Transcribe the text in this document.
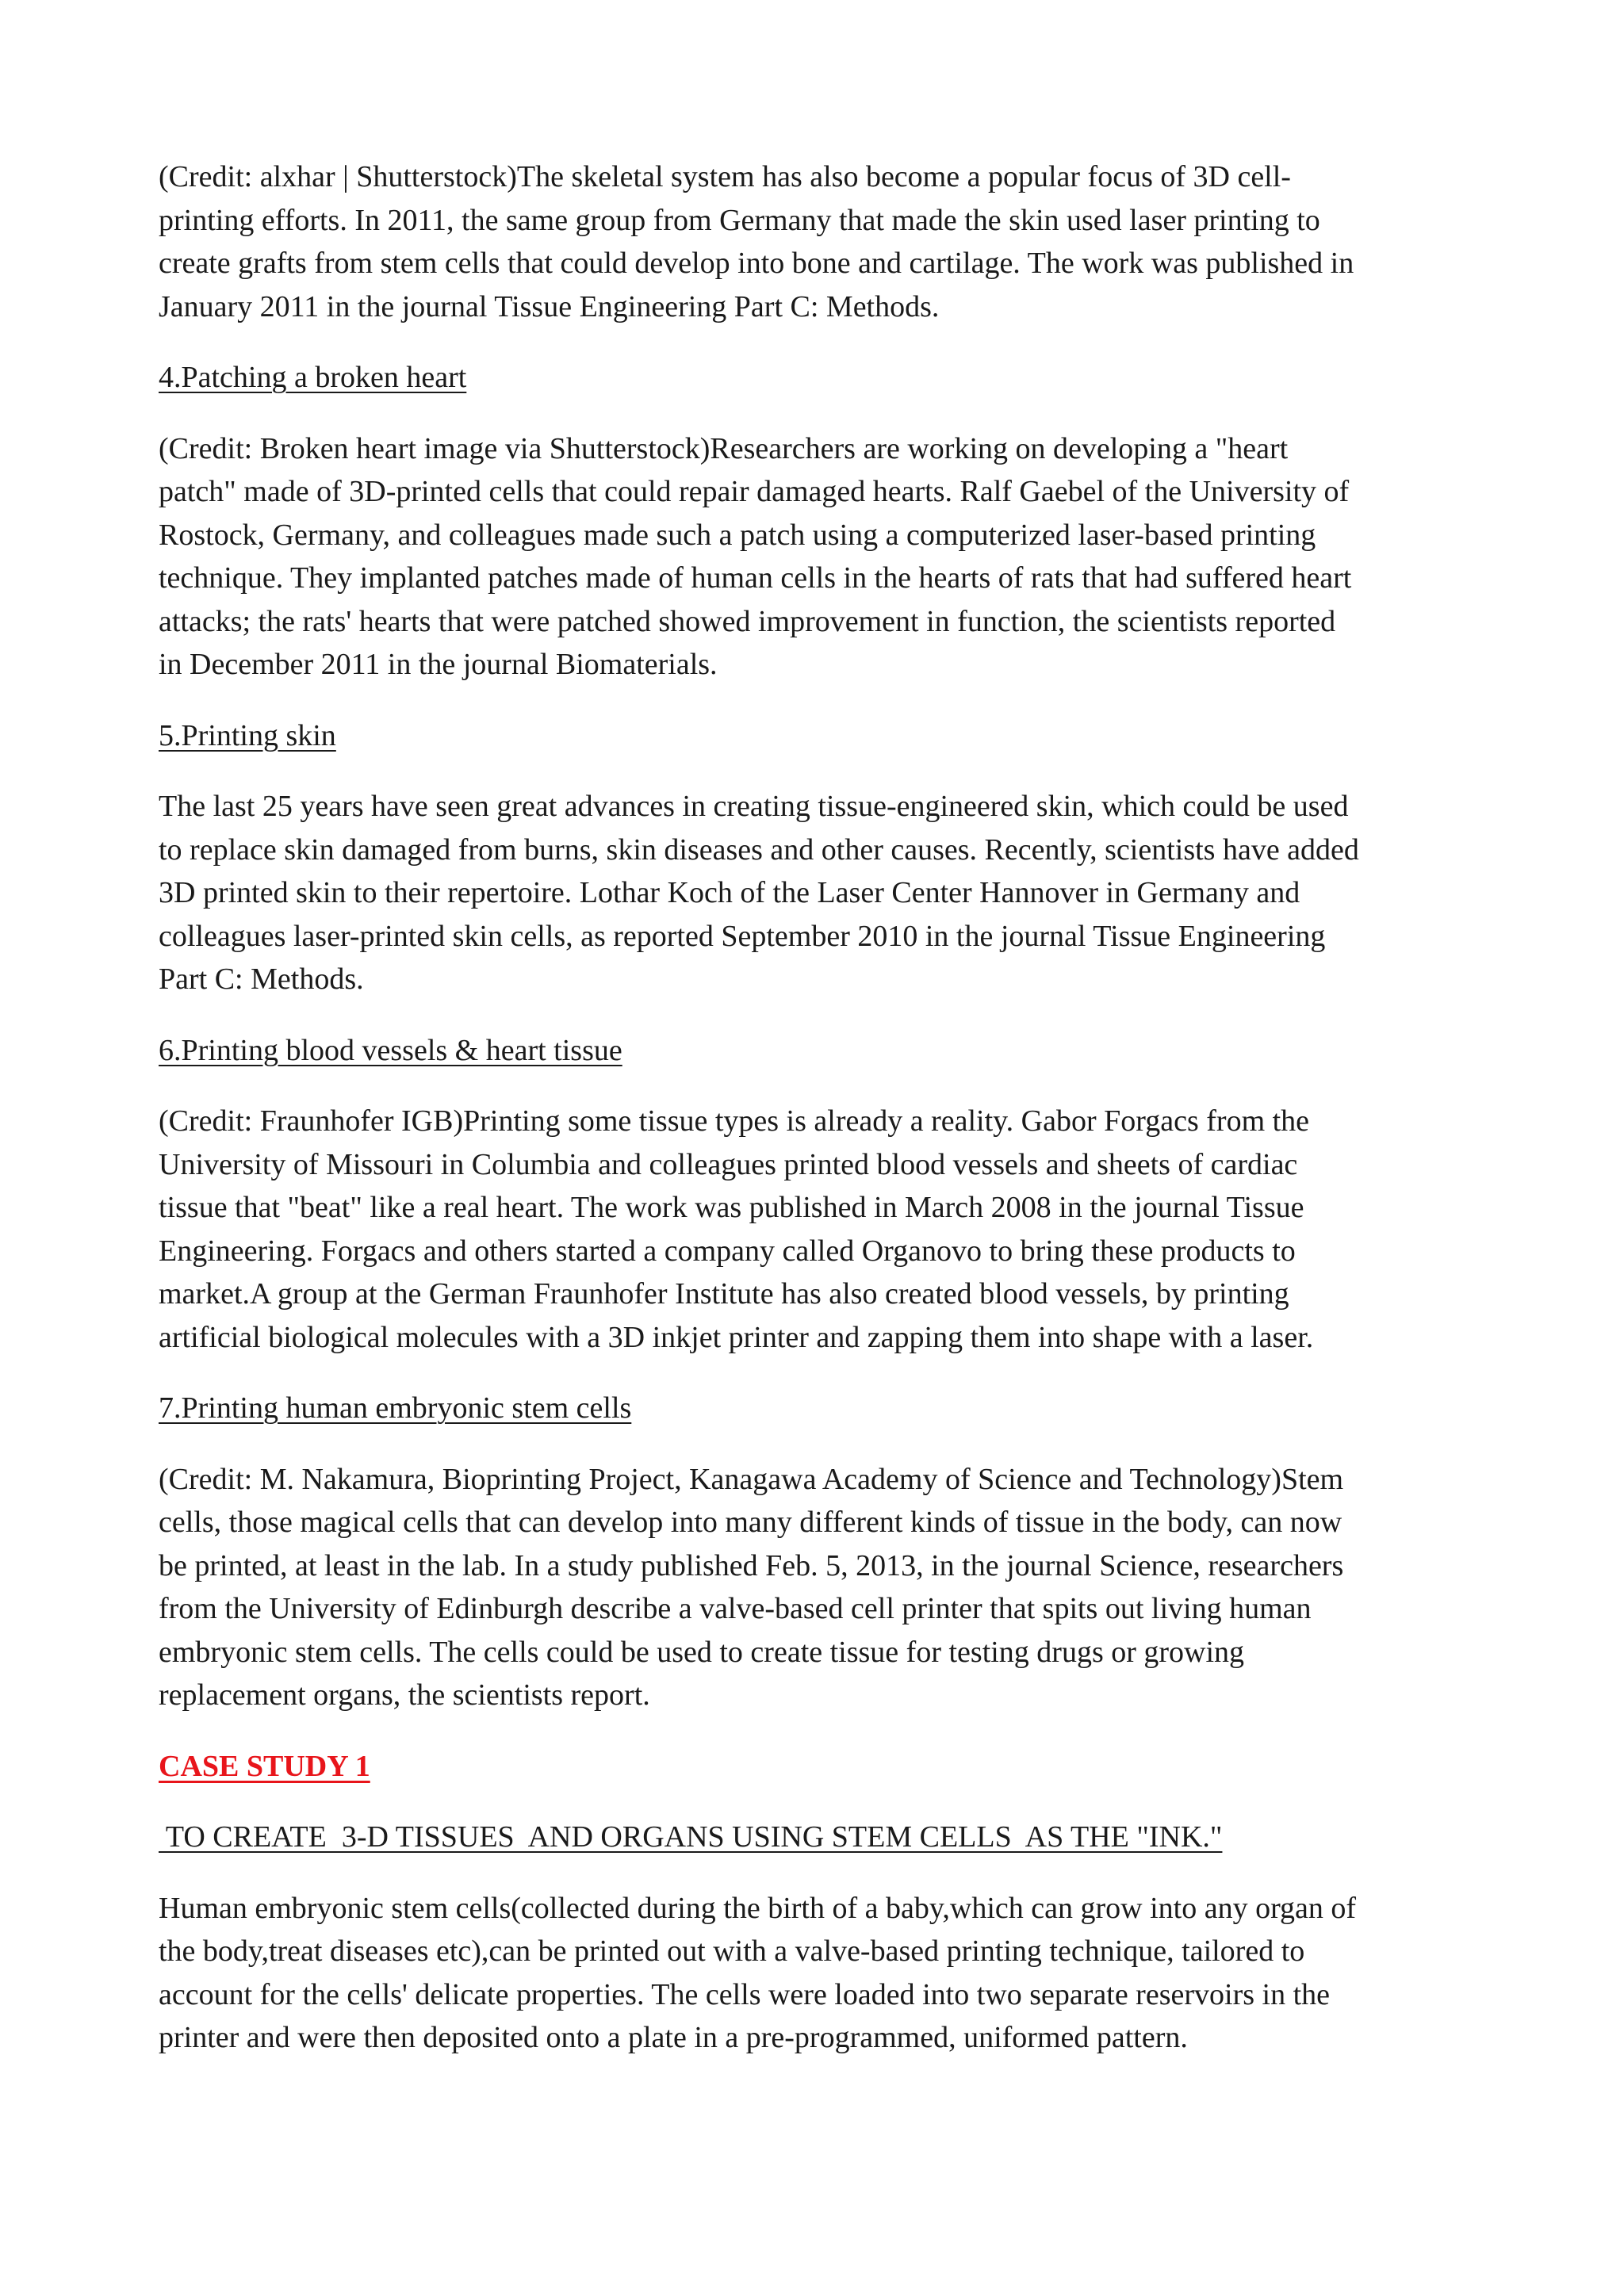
(Credit: alxhar | Shutterstock)The skeletal system has also become a popular focus of 3D cell-
printing efforts. In 2011, the same group from Germany that made the skin used laser printing to
create grafts from stem cells that could develop into bone and cartilage. The work was published in
January 2011 in the journal Tissue Engineering Part C: Methods.
4.Patching a broken heart
(Credit: Broken heart image via Shutterstock)Researchers are working on developing a "heart
patch" made of 3D-printed cells that could repair damaged hearts. Ralf Gaebel of the University of
Rostock, Germany, and colleagues made such a patch using a computerized laser-based printing
technique. They implanted patches made of human cells in the hearts of rats that had suffered heart
attacks; the rats' hearts that were patched showed improvement in function, the scientists reported
in December 2011 in the journal Biomaterials.
5.Printing skin
The last 25 years have seen great advances in creating tissue-engineered skin, which could be used
to replace skin damaged from burns, skin diseases and other causes. Recently, scientists have added
3D printed skin to their repertoire. Lothar Koch of the Laser Center Hannover in Germany and
colleagues laser-printed skin cells, as reported September 2010 in the journal Tissue Engineering
Part C: Methods.
6.Printing blood vessels & heart tissue
(Credit: Fraunhofer IGB)Printing some tissue types is already a reality. Gabor Forgacs from the
University of Missouri in Columbia and colleagues printed blood vessels and sheets of cardiac
tissue that "beat" like a real heart. The work was published in March 2008 in the journal Tissue
Engineering. Forgacs and others started a company called Organovo to bring these products to
market.A group at the German Fraunhofer Institute has also created blood vessels, by printing
artificial biological molecules with a 3D inkjet printer and zapping them into shape with a laser.
7.Printing human embryonic stem cells
(Credit: M. Nakamura, Bioprinting Project, Kanagawa Academy of Science and Technology)Stem
cells, those magical cells that can develop into many different kinds of tissue in the body, can now
be printed, at least in the lab. In a study published Feb. 5, 2013, in the journal Science, researchers
from the University of Edinburgh describe a valve-based cell printer that spits out living human
embryonic stem cells. The cells could be used to create tissue for testing drugs or growing
replacement organs, the scientists report.
CASE STUDY 1
TO CREATE  3-D TISSUES  AND ORGANS USING STEM CELLS  AS THE "INK."
Human embryonic stem cells(collected during the birth of a baby,which can grow into any organ of
the body,treat diseases etc),can be printed out with a valve-based printing technique, tailored to
account for the cells' delicate properties. The cells were loaded into two separate reservoirs in the
printer and were then deposited onto a plate in a pre-programmed, uniformed pattern.
